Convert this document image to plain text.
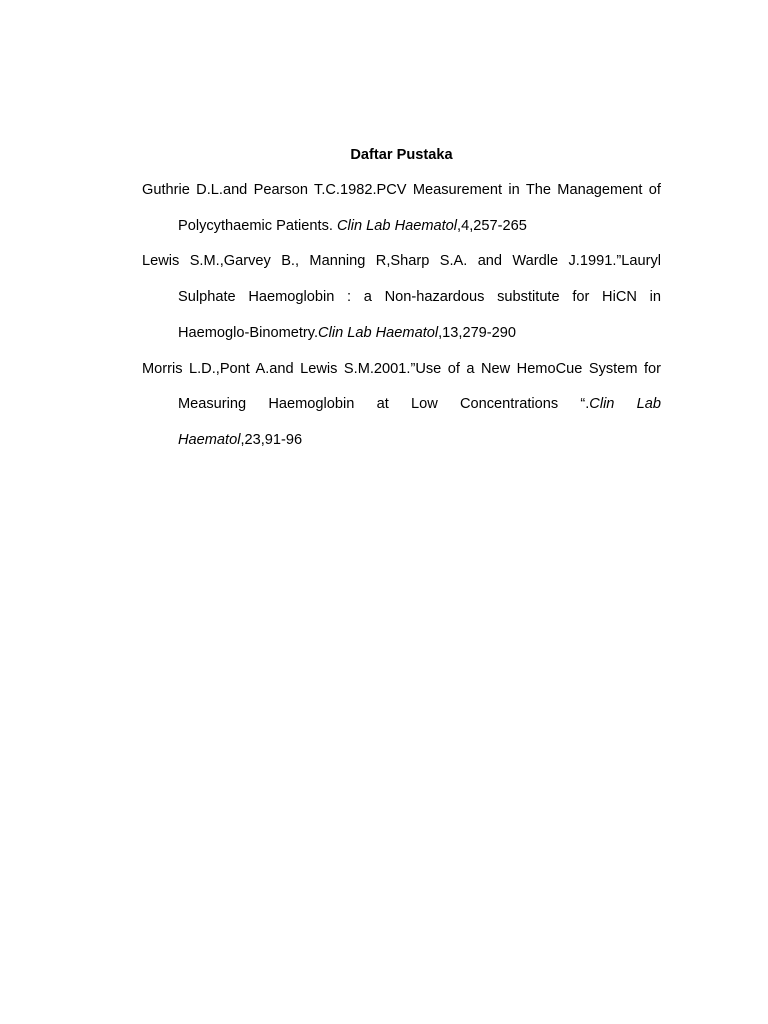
Daftar Pustaka

Guthrie D.L.and Pearson T.C.1982.PCV Measurement in The Management of Polycythaemic Patients. Clin Lab Haematol,4,257-265

Lewis S.M.,Garvey B., Manning R,Sharp S.A. and Wardle J.1991.”Lauryl Sulphate Haemoglobin : a Non-hazardous substitute for HiCN in Haemoglo-Binometry.Clin Lab Haematol,13,279-290

Morris L.D.,Pont A.and Lewis S.M.2001.”Use of a New HemoCue System for Measuring Haemoglobin at Low Concentrations “.Clin Lab Haematol,23,91-96
